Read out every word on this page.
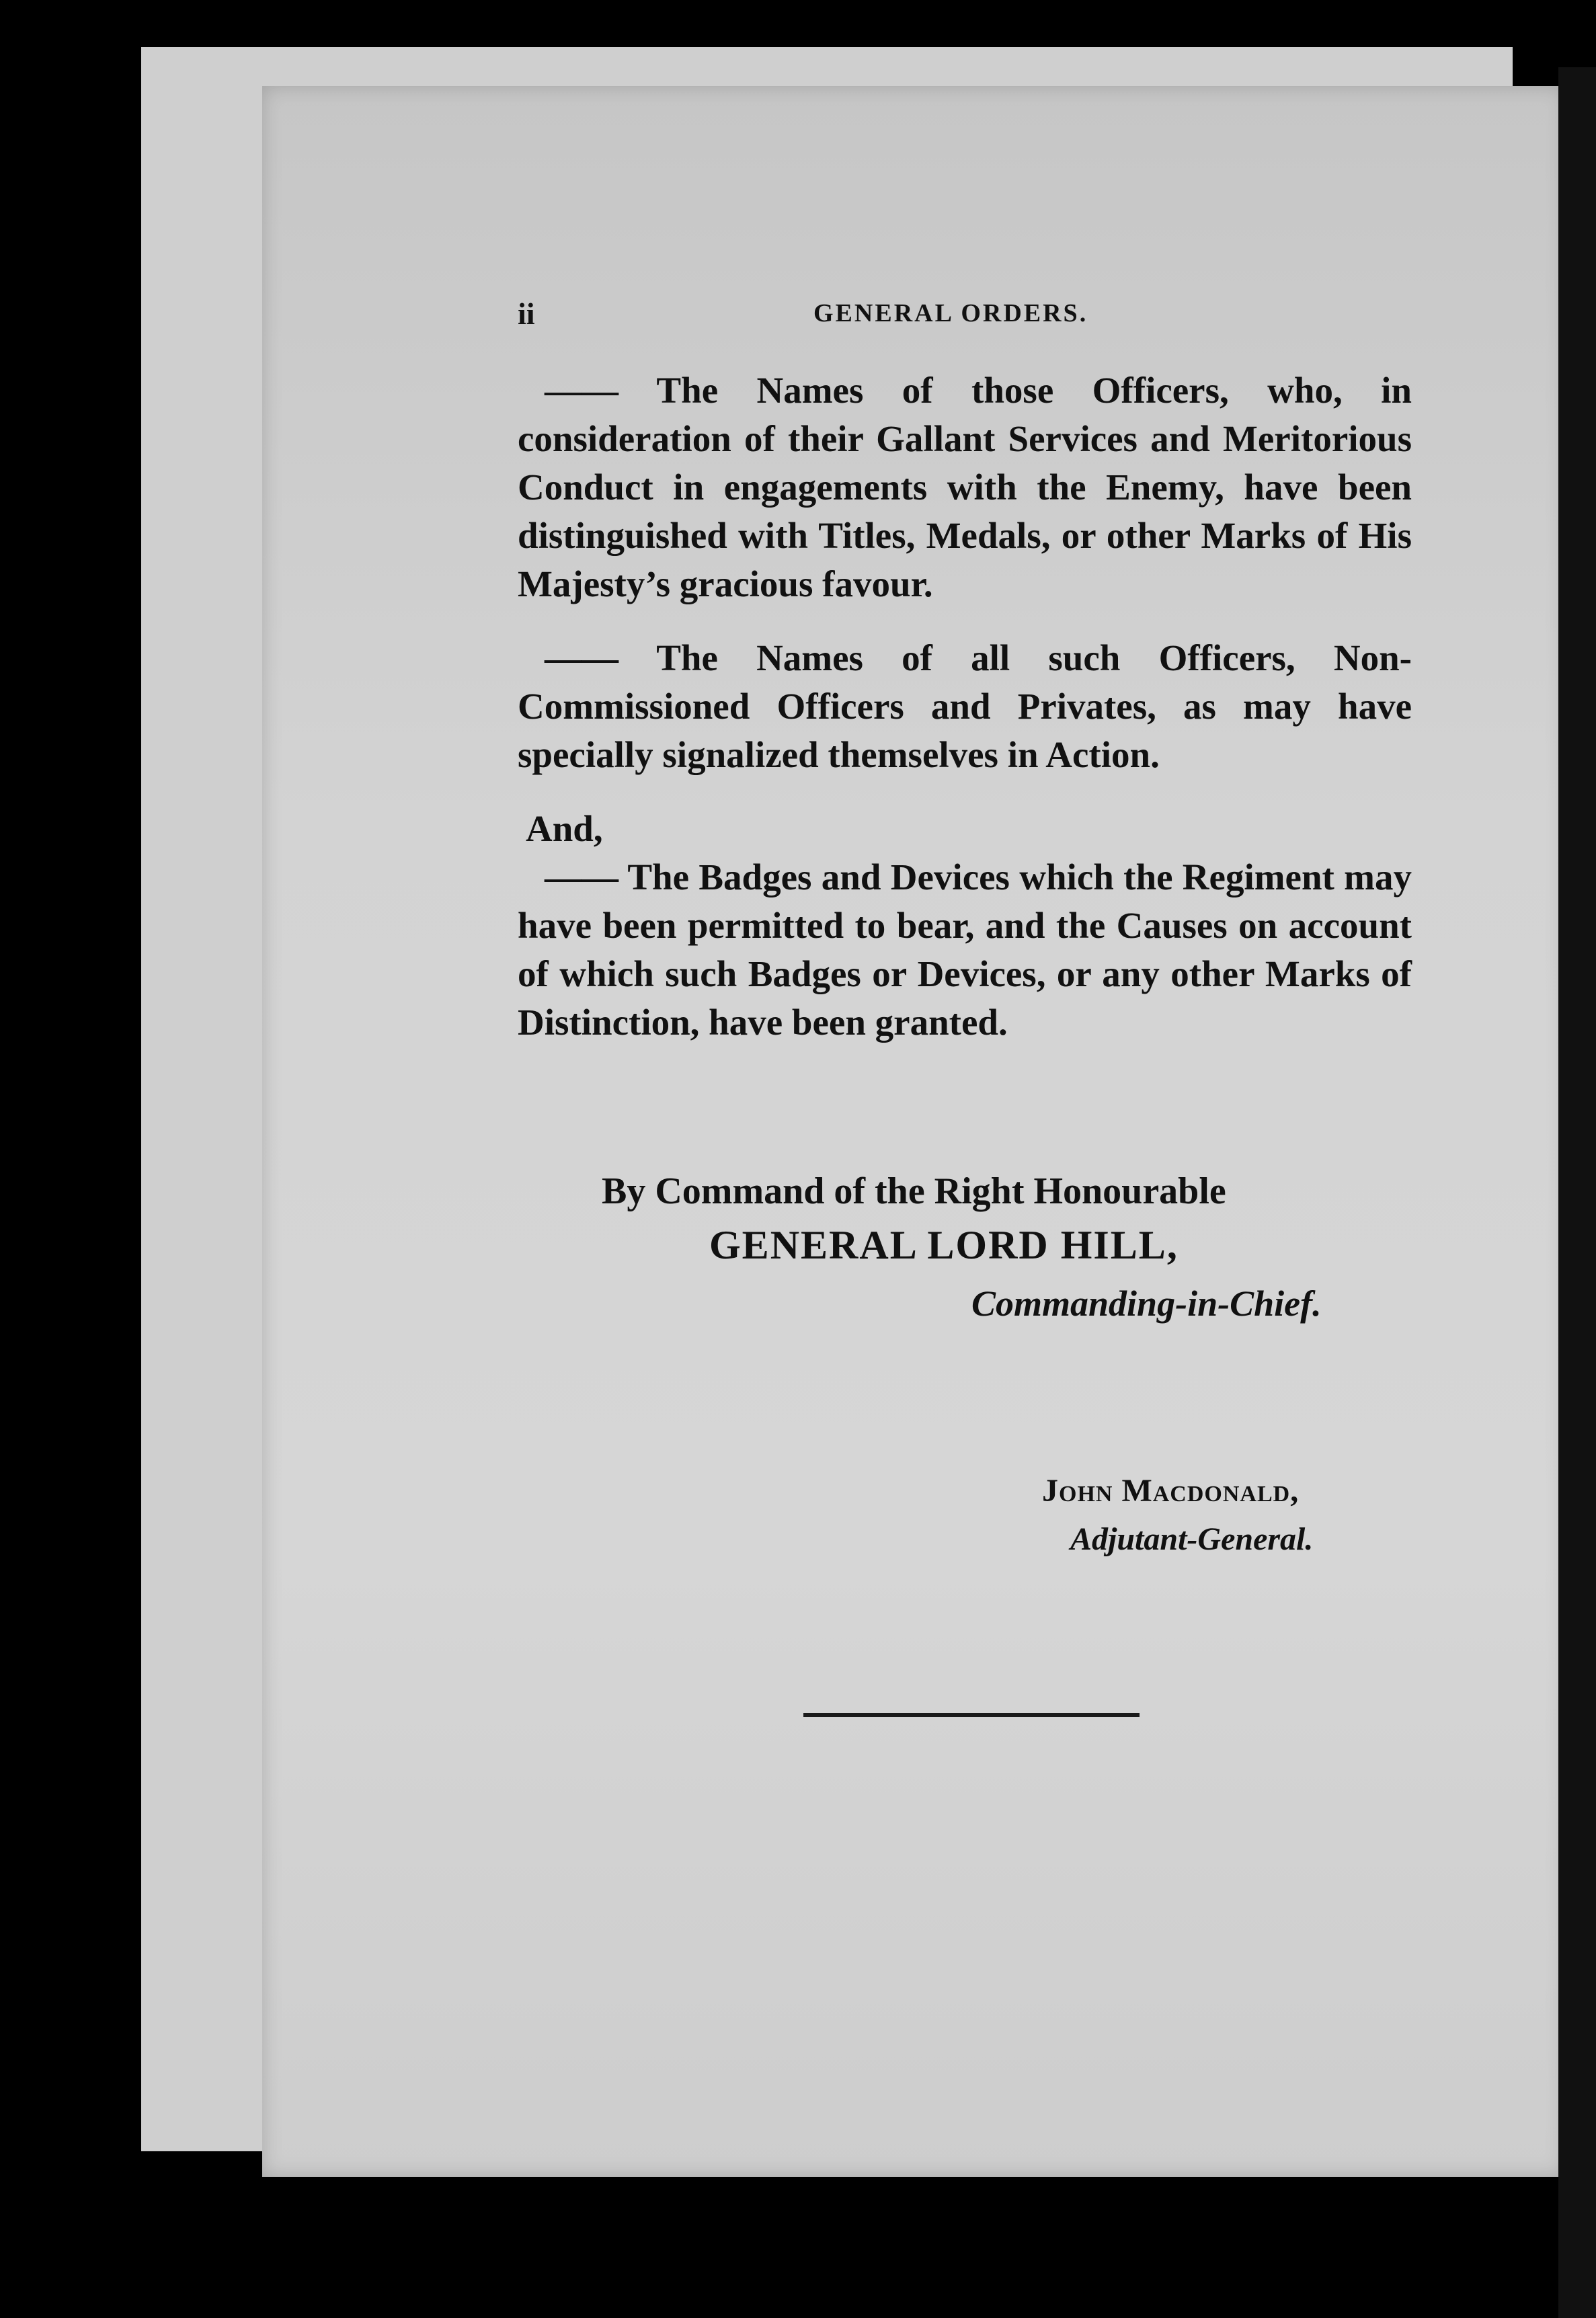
ii	GENERAL ORDERS.

—— The Names of those Officers, who, in consideration of their Gallant Services and Meritorious Conduct in engagements with the Enemy, have been distinguished with Titles, Medals, or other Marks of His Majesty’s gracious favour.

—— The Names of all such Officers, Non-Commissioned Officers and Privates, as may have specially signalized themselves in Action.

And,

—— The Badges and Devices which the Regiment may have been permitted to bear, and the Causes on account of which such Badges or Devices, or any other Marks of Distinction, have been granted.

By Command of the Right Honourable
GENERAL LORD HILL,
Commanding-in-Chief.
John Macdonald,
Adjutant-General.
